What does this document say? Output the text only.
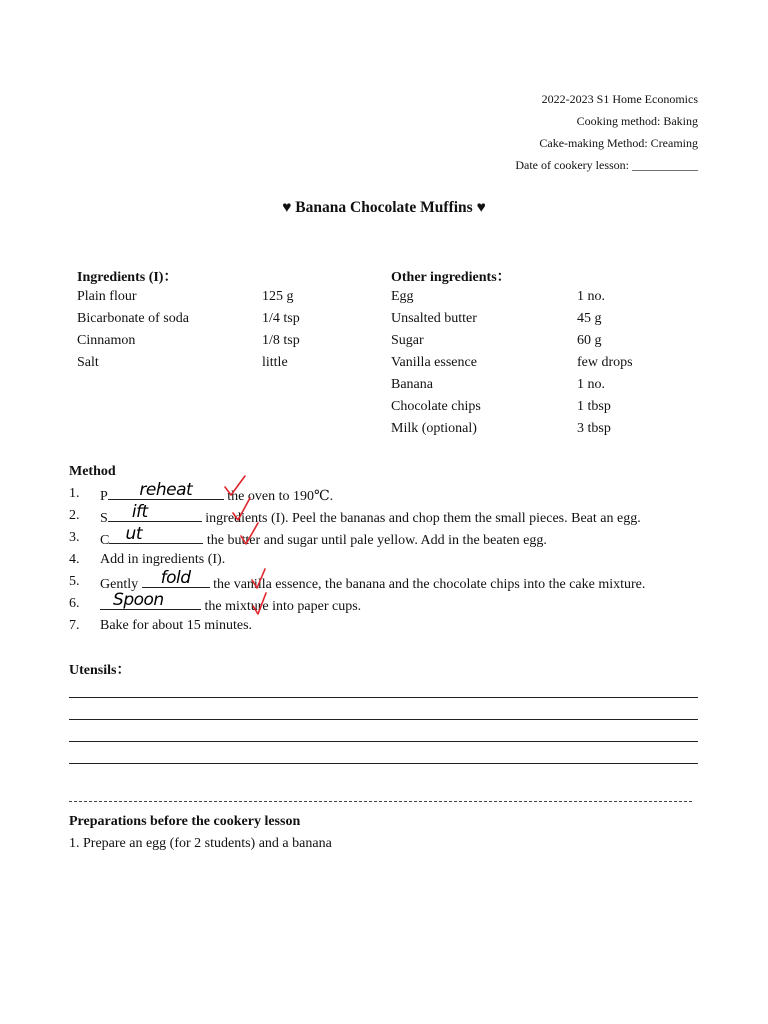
2022-2023 S1 Home Economics
Cooking method: Baking
Cake-making Method: Creaming
Date of cookery lesson: ___________
♥ Banana Chocolate Muffins ♥
Ingredients (I)：
Plain flour	125 g
Bicarbonate of soda	1/4 tsp
Cinnamon	1/8 tsp
Salt	little
Other ingredients：
Egg	1 no.
Unsalted butter	45 g
Sugar	60 g
Vanilla essence	few drops
Banana	1 no.
Chocolate chips	1 tbsp
Milk (optional)	3 tbsp
Method
1. P reheat the oven to 190℃.
2. S ift	ingredients (I). Peel the bananas and chop them the small pieces. Beat an egg.
3. C ut	the butter and sugar until pale yellow. Add in the beaten egg.
4. Add in ingredients (I).
5. Gently fold the vanilla essence, the banana and the chocolate chips into the cake mixture.
6. Spoon	the mixture into paper cups.
7. Bake for about 15 minutes.
Utensils：
Preparations before the cookery lesson
1. Prepare an egg (for 2 students) and a banana
